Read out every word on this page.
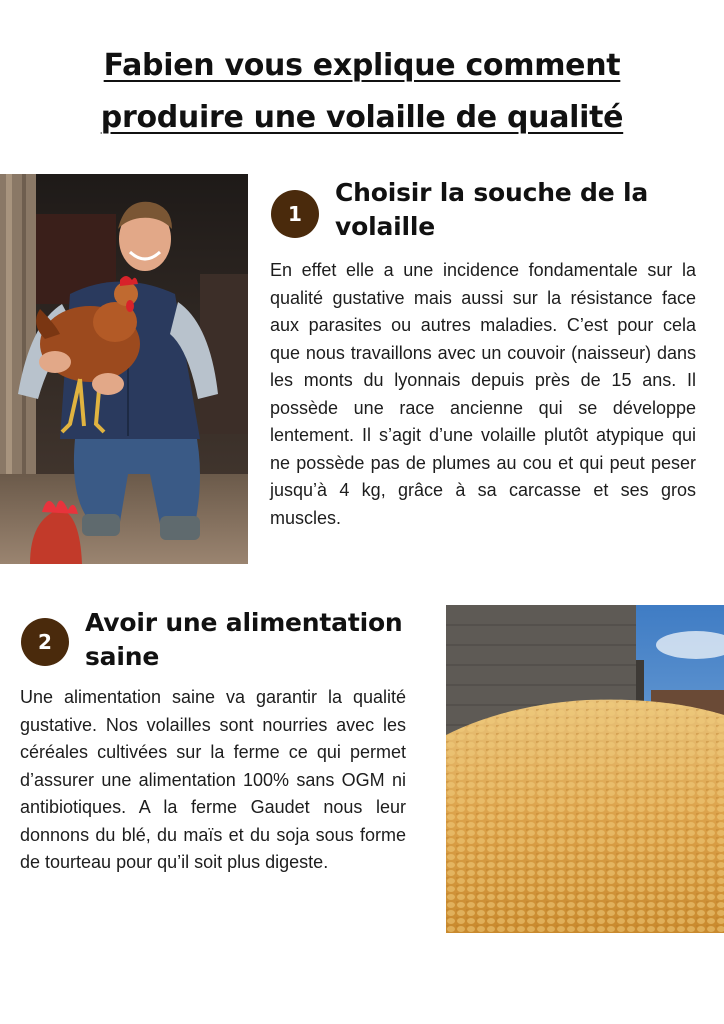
Fabien vous explique comment
produire une volaille de qualité
1
Choisir la souche de la volaille

En effet elle a une incidence fondamentale sur la qualité gustative mais aussi sur la résistance face aux parasites ou autres maladies. C’est pour cela que nous travaillons avec un couvoir (naisseur) dans les monts du lyonnais depuis près de 15 ans. Il possède une race ancienne qui se développe lentement. Il s’agit d’une volaille plutôt atypique qui ne possède pas de plumes au cou et qui peut peser jusqu’à 4 kg, grâce à sa carcasse et ses gros muscles.

2
Avoir une alimentation saine

Une alimentation saine va garantir la qualité gustative. Nos volailles sont nourries avec les céréales cultivées sur la ferme ce qui permet d’assurer une alimentation 100% sans OGM ni antibiotiques. A la ferme Gaudet nous leur donnons du blé, du maïs et du soja sous forme de tourteau pour qu’il soit plus digeste.
